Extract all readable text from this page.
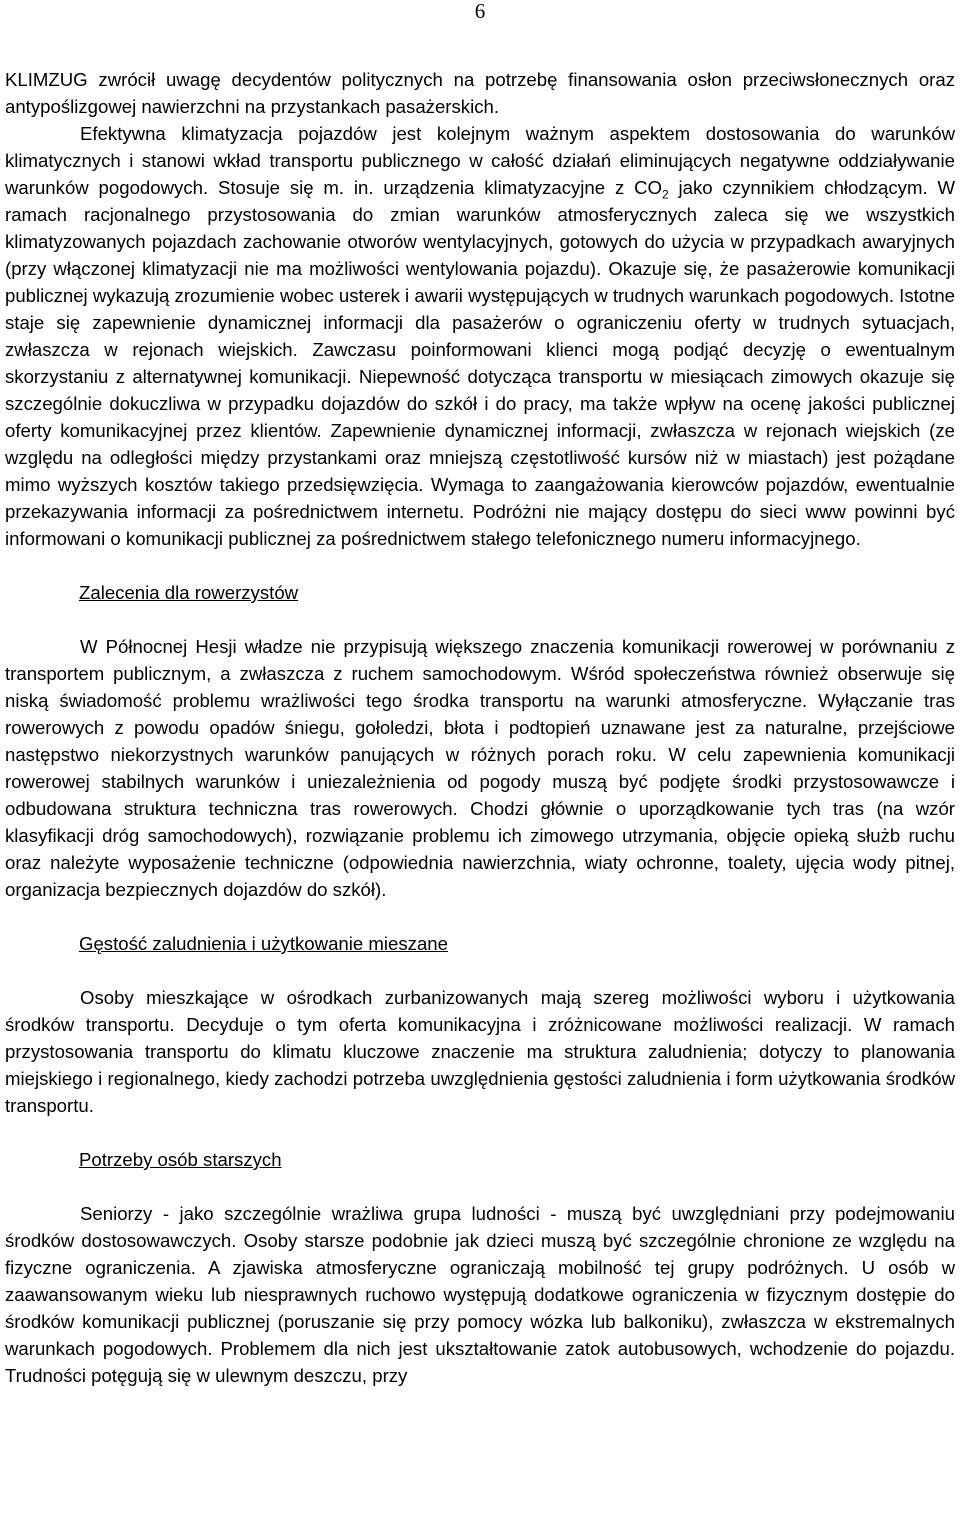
6

KLIMZUG zwrócił uwagę decydentów politycznych na potrzebę finansowania osłon przeciwsłonecznych oraz antypoślizgowej nawierzchni na przystankach pasażerskich.

Efektywna klimatyzacja pojazdów jest kolejnym ważnym aspektem dostosowania do warunków klimatycznych i stanowi wkład transportu publicznego w całość działań eliminujących negatywne oddziaływanie warunków pogodowych. Stosuje się m. in. urządzenia klimatyzacyjne z $CO_2$ jako czynnikiem chłodzącym. W ramach racjonalnego przystosowania do zmian warunków atmosferycznych zaleca się we wszystkich klimatyzowanych pojazdach zachowanie otworów wentylacyjnych, gotowych do użycia w przypadkach awaryjnych (przy włączonej klimatyzacji nie ma możliwości wentylowania pojazdu). Okazuje się, że pasażerowie komunikacji publicznej wykazują zrozumienie wobec usterek i awarii występujących w trudnych warunkach pogodowych. Istotne staje się zapewnienie dynamicznej informacji dla pasażerów o ograniczeniu oferty w trudnych sytuacjach, zwłaszcza w rejonach wiejskich. Zawczasu poinformowani klienci mogą podjąć decyzję o ewentualnym skorzystaniu z alternatywnej komunikacji. Niepewność dotycząca transportu w miesiącach zimowych okazuje się szczególnie dokuczliwa w przypadku dojazdów do szkół i do pracy, ma także wpływ na ocenę jakości publicznej oferty komunikacyjnej przez klientów. Zapewnienie dynamicznej informacji, zwłaszcza w rejonach wiejskich (ze względu na odległości między przystankami oraz mniejszą częstotliwość kursów niż w miastach) jest pożądane mimo wyższych kosztów takiego przedsięwzięcia. Wymaga to zaangażowania kierowców pojazdów, ewentualnie przekazywania informacji za pośrednictwem internetu. Podróżni nie mający dostępu do sieci www powinni być informowani o komunikacji publicznej za pośrednictwem stałego telefonicznego numeru informacyjnego.

Zalecenia dla rowerzystów

W Północnej Hesji władze nie przypisują większego znaczenia komunikacji rowerowej w porównaniu z transportem publicznym, a zwłaszcza z ruchem samochodowym. Wśród społeczeństwa również obserwuje się niską świadomość problemu wrażliwości tego środka transportu na warunki atmosferyczne. Wyłączanie tras rowerowych z powodu opadów śniegu, gołoledzi, błota i podtopień uznawane jest za naturalne, przejściowe następstwo niekorzystnych warunków panujących w różnych porach roku. W celu zapewnienia komunikacji rowerowej stabilnych warunków i uniezależnienia od pogody muszą być podjęte środki przystosowawcze i odbudowana struktura techniczna tras rowerowych. Chodzi głównie o uporządkowanie tych tras (na wzór klasyfikacji dróg samochodowych), rozwiązanie problemu ich zimowego utrzymania, objęcie opieką służb ruchu oraz należyte wyposażenie techniczne (odpowiednia nawierzchnia, wiaty ochronne, toalety, ujęcia wody pitnej, organizacja bezpiecznych dojazdów do szkół).

Gęstość zaludnienia i użytkowanie mieszane

Osoby mieszkające w ośrodkach zurbanizowanych mają szereg możliwości wyboru i użytkowania środków transportu. Decyduje o tym oferta komunikacyjna i zróżnicowane możliwości realizacji. W ramach przystosowania transportu do klimatu kluczowe znaczenie ma struktura zaludnienia; dotyczy to planowania miejskiego i regionalnego, kiedy zachodzi potrzeba uwzględnienia gęstości zaludnienia i form użytkowania środków transportu.

Potrzeby osób starszych

Seniorzy - jako szczególnie wrażliwa grupa ludności - muszą być uwzględniani przy podejmowaniu środków dostosowawczych. Osoby starsze podobnie jak dzieci muszą być szczególnie chronione ze względu na fizyczne ograniczenia. A zjawiska atmosferyczne ograniczają mobilność tej grupy podróżnych. U osób w zaawansowanym wieku lub niesprawnych ruchowo występują dodatkowe ograniczenia w fizycznym dostępie do środków komunikacji publicznej (poruszanie się przy pomocy wózka lub balkoniku), zwłaszcza w ekstremalnych warunkach pogodowych. Problemem dla nich jest ukształtowanie zatok autobusowych, wchodzenie do pojazdu. Trudności potęgują się w ulewnym deszczu, przy
